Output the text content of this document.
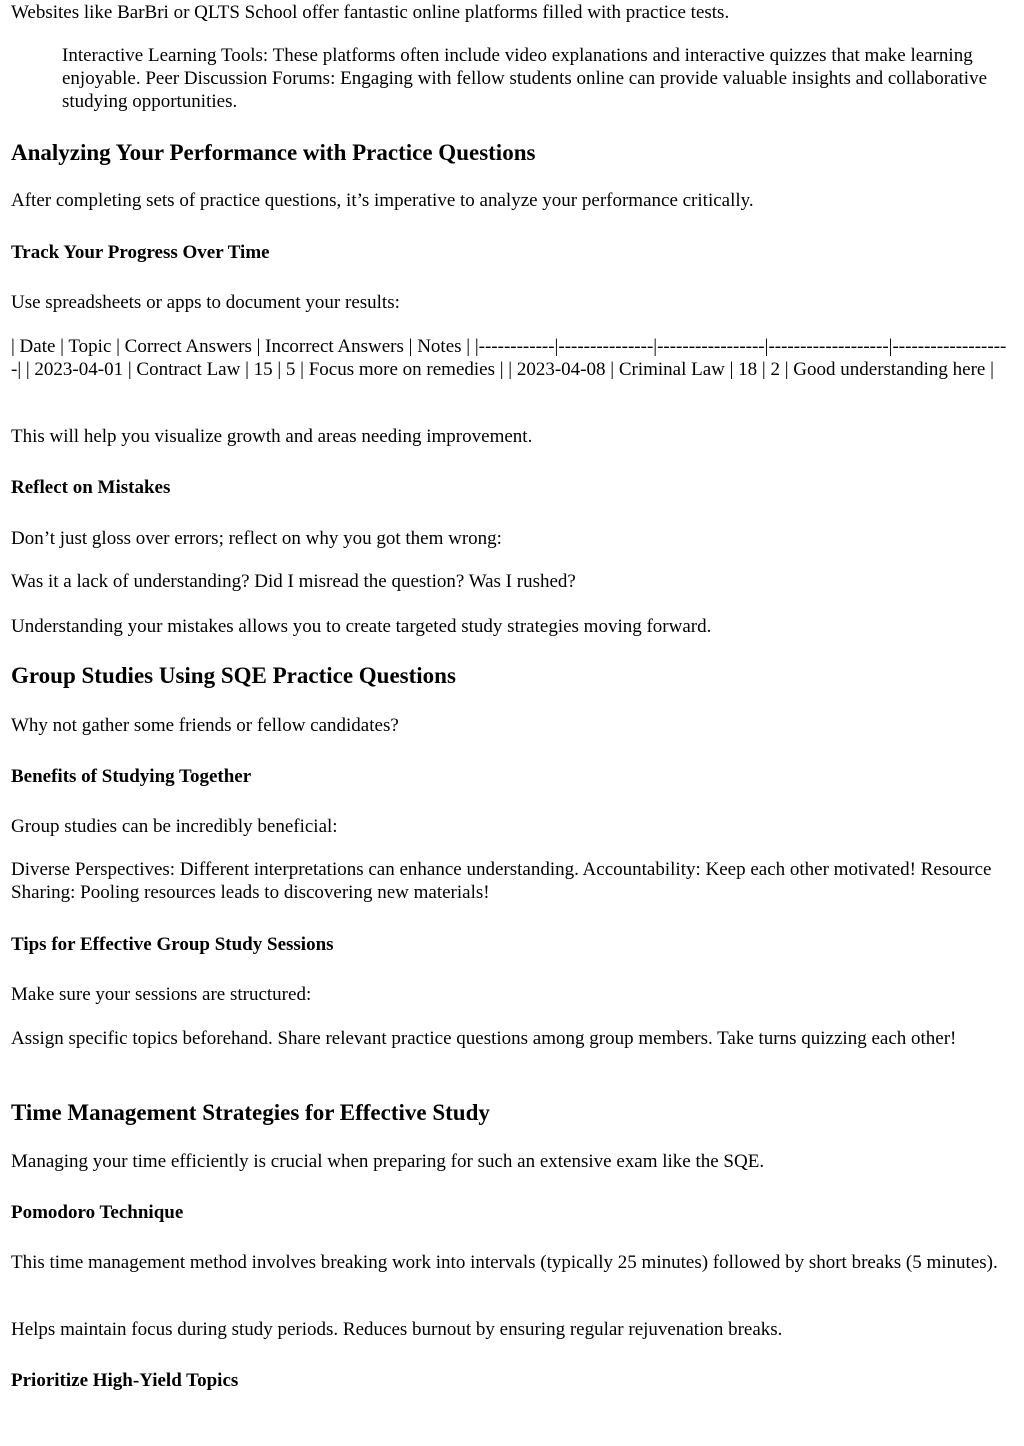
Websites like BarBri or QLTS School offer fantastic online platforms filled with practice tests.

Interactive Learning Tools: These platforms often include video explanations and interactive quizzes that make learning enjoyable. Peer Discussion Forums: Engaging with fellow students online can provide valuable insights and collaborative studying opportunities.

Analyzing Your Performance with Practice Questions

After completing sets of practice questions, it’s imperative to analyze your performance critically.

Track Your Progress Over Time

Use spreadsheets or apps to document your results:

| Date | Topic | Correct Answers | Incorrect Answers | Notes | |------------|---------------|-----------------|-------------------|-------------------| | 2023-04-01 | Contract Law | 15 | 5 | Focus more on remedies | | 2023-04-08 | Criminal Law | 18 | 2 | Good understanding here |

This will help you visualize growth and areas needing improvement.

Reflect on Mistakes

Don’t just gloss over errors; reflect on why you got them wrong:

Was it a lack of understanding? Did I misread the question? Was I rushed?

Understanding your mistakes allows you to create targeted study strategies moving forward.

Group Studies Using SQE Practice Questions

Why not gather some friends or fellow candidates?

Benefits of Studying Together

Group studies can be incredibly beneficial:

Diverse Perspectives: Different interpretations can enhance understanding. Accountability: Keep each other motivated! Resource Sharing: Pooling resources leads to discovering new materials!

Tips for Effective Group Study Sessions

Make sure your sessions are structured:

Assign specific topics beforehand. Share relevant practice questions among group members. Take turns quizzing each other!

Time Management Strategies for Effective Study

Managing your time efficiently is crucial when preparing for such an extensive exam like the SQE.

Pomodoro Technique

This time management method involves breaking work into intervals (typically 25 minutes) followed by short breaks (5 minutes).

Helps maintain focus during study periods. Reduces burnout by ensuring regular rejuvenation breaks.

Prioritize High-Yield Topics
